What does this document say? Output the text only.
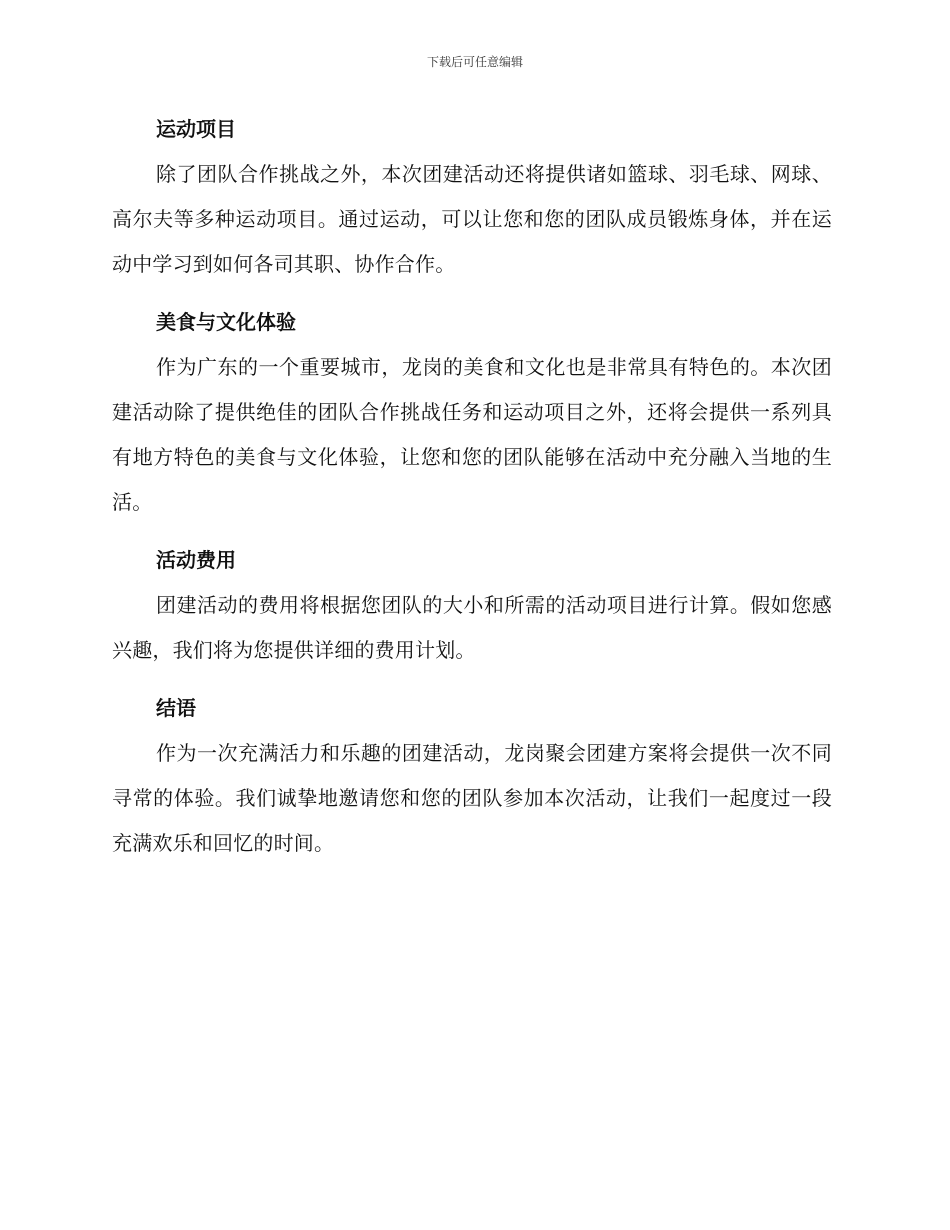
下载后可任意编辑
运动项目

除了团队合作挑战之外，本次团建活动还将提供诸如篮球、羽毛球、网球、高尔夫等多种运动项目。通过运动，可以让您和您的团队成员锻炼身体，并在运动中学习到如何各司其职、协作合作。

美食与文化体验

作为广东的一个重要城市，龙岗的美食和文化也是非常具有特色的。本次团建活动除了提供绝佳的团队合作挑战任务和运动项目之外，还将会提供一系列具有地方特色的美食与文化体验，让您和您的团队能够在活动中充分融入当地的生活。

活动费用

团建活动的费用将根据您团队的大小和所需的活动项目进行计算。假如您感兴趣，我们将为您提供详细的费用计划。

结语

作为一次充满活力和乐趣的团建活动，龙岗聚会团建方案将会提供一次不同寻常的体验。我们诚挚地邀请您和您的团队参加本次活动，让我们一起度过一段充满欢乐和回忆的时间。
